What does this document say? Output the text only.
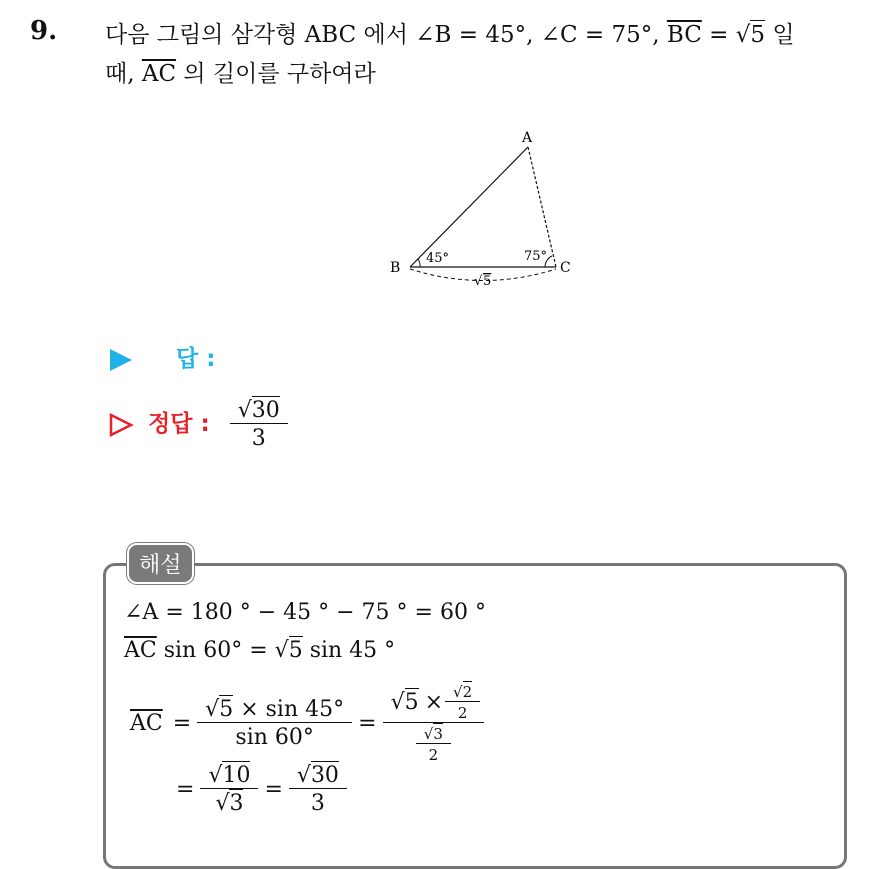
9. 다음 그림의 삼각형 ABC 에서 ∠B = 45°, ∠C = 75°, $\overline{BC} = √5$ 일
때, $\overline{AC}$ 의 길이를 구하여라
A
B	C
45°	75°
√ 5
답 :
정답 : $\frac{√30}{3}$
해설
∠A = 180 ° − 45 ° − 75 ° = 60 °
$\overline{AC}$ sin 60° = √5 sin 45 °
$\overline{AC} = \frac{√5 \times \sin 45^\circ}{\sin 60^\circ} = \frac{√5 \times \frac{√2}{2}}{\frac{√3}{2}}$
= $\frac{√10}{√3} = \frac{√30}{3}$
